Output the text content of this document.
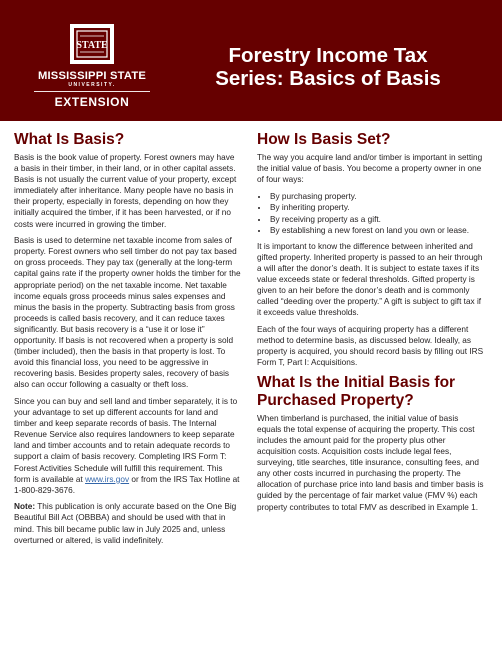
STATE
MISSISSIPPI STATE
UNIVERSITY.
EXTENSION
Forestry Income Tax
Series: Basics of Basis
What Is Basis?

Basis is the book value of property. Forest owners may have a basis in their timber, in their land, or in other capital assets. Basis is not usually the current value of your property, except immediately after inheritance. Many people have no basis in their property, especially in forests, depending on how they initially acquired the timber, if it has been harvested, or if no costs were incurred in growing the timber.

Basis is used to determine net taxable income from sales of property. Forest owners who sell timber do not pay tax based on gross proceeds. They pay tax (generally at the long-term capital gains rate if the property owner holds the timber for the appropriate period) on the net taxable income. Net taxable income equals gross proceeds minus sales expenses and minus the basis in the property. Subtracting basis from gross proceeds is called basis recovery, and it can reduce taxes significantly. But basis recovery is a “use it or lose it” opportunity. If basis is not recovered when a property is sold (timber included), then the basis in that property is lost. To avoid this financial loss, you need to be aggressive in recovering basis. Besides property sales, recovery of basis also can occur following a casualty or theft loss.

Since you can buy and sell land and timber separately, it is to your advantage to set up different accounts for land and timber and keep separate records of basis. The Internal Revenue Service also requires landowners to keep separate land and timber accounts and to retain adequate records to support a claim of basis recovery. Completing IRS Form T: Forest Activities Schedule will fulfill this requirement. This form is available at www.irs.gov or from the IRS Tax Hotline at 1-800-829-3676.

Note: This publication is only accurate based on the One Big Beautiful Bill Act (OBBBA) and should be used with that in mind. This bill became public law in July 2025 and, unless overturned or altered, is valid indefinitely.

How Is Basis Set?

The way you acquire land and/or timber is important in setting the initial value of basis. You become a property owner in one of four ways:

• By purchasing property.
• By inheriting property.
• By receiving property as a gift.
• By establishing a new forest on land you own or lease.

It is important to know the difference between inherited and gifted property. Inherited property is passed to an heir through a will after the donor’s death. It is subject to estate taxes if its value exceeds state or federal thresholds. Gifted property is given to an heir before the donor’s death and is commonly called “deeding over the property.” A gift is subject to gift tax if it exceeds value thresholds.

Each of the four ways of acquiring property has a different method to determine basis, as discussed below. Ideally, as property is acquired, you should record basis by filling out IRS Form T, Part I: Acquisitions.

What Is the Initial Basis for
Purchased Property?

When timberland is purchased, the initial value of basis equals the total expense of acquiring the property. This cost includes the amount paid for the property plus other acquisition costs. Acquisition costs include legal fees, surveying, title searches, title insurance, consulting fees, and any other costs incurred in purchasing the property. The allocation of purchase price into land basis and timber basis is guided by the percentage of fair market value (FMV %) each property contributes to total FMV as described in Example 1.
